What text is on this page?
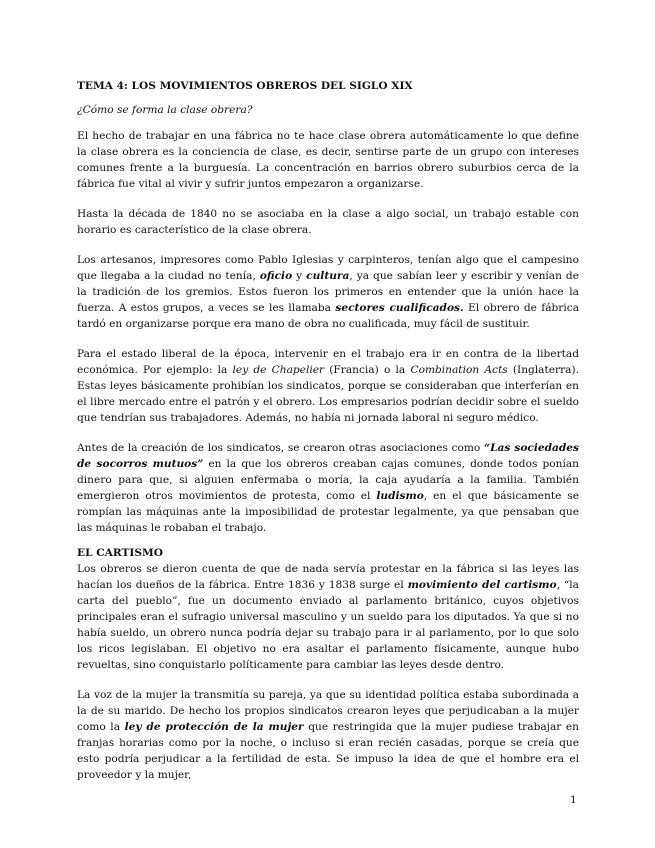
TEMA 4: LOS MOVIMIENTOS OBREROS DEL SIGLO XIX
¿Cómo se forma la clase obrera?

El hecho de trabajar en una fábrica no te hace clase obrera automáticamente lo que define la clase obrera es la conciencia de clase, es decir, sentirse parte de un grupo con intereses comunes frente a la burguesía. La concentración en barrios obrero suburbios cerca de la fábrica fue vital al vivir y sufrir juntos empezaron a organizarse.

Hasta la década de 1840 no se asociaba en la clase a algo social, un trabajo estable con horario es característico de la clase obrera.

Los artesanos, impresores como Pablo Iglesias y carpinteros, tenían algo que el campesino que llegaba a la ciudad no tenía, oficio y cultura, ya que sabían leer y escribir y venían de la tradición de los gremios. Estos fueron los primeros en entender que la unión hace la fuerza. A estos grupos, a veces se les llamaba sectores cualificados. El obrero de fábrica tardó en organizarse porque era mano de obra no cualificada, muy fácil de sustituir.

Para el estado liberal de la época, intervenir en el trabajo era ir en contra de la libertad económica. Por ejemplo: la ley de Chapelier (Francia) o la Combination Acts (Inglaterra). Estas leyes básicamente prohibían los sindicatos, porque se consideraban que interferían en el libre mercado entre el patrón y el obrero. Los empresarios podrían decidir sobre el sueldo que tendrían sus trabajadores. Además, no había ni jornada laboral ni seguro médico.

Antes de la creación de los sindicatos, se crearon otras asociaciones como “Las sociedades de socorros mutuos” en la que los obreros creaban cajas comunes, donde todos ponían dinero para que, si alguien enfermaba o moría, la caja ayudaría a la familia. También emergieron otros movimientos de protesta, como el ludismo, en el que básicamente se rompían las máquinas ante la imposibilidad de protestar legalmente, ya que pensaban que las máquinas le robaban el trabajo.

EL CARTISMO

Los obreros se dieron cuenta de que de nada servía protestar en la fábrica si las leyes las hacían los dueños de la fábrica. Entre 1836 y 1838 surge el movimiento del cartismo, “la carta del pueblo”, fue un documento enviado al parlamento británico, cuyos objetivos principales eran el sufragio universal masculino y un sueldo para los diputados. Ya que si no había sueldo, un obrero nunca podría dejar su trabajo para ir al parlamento, por lo que solo los ricos legislaban. El objetivo no era asaltar el parlamento físicamente, aunque hubo revueltas, sino conquistarlo políticamente para cambiar las leyes desde dentro.

La voz de la mujer la transmitía su pareja, ya que su identidad política estaba subordinada a la de su marido. De hecho los propios sindicatos crearon leyes que perjudicaban a la mujer como la ley de protección de la mujer que restringida que la mujer pudiese trabajar en franjas horarias como por la noche, o incluso si eran recién casadas, porque se creía que esto podría perjudicar a la fertilidad de esta. Se impuso la idea de que el hombre era el proveedor y la mujer,

1
